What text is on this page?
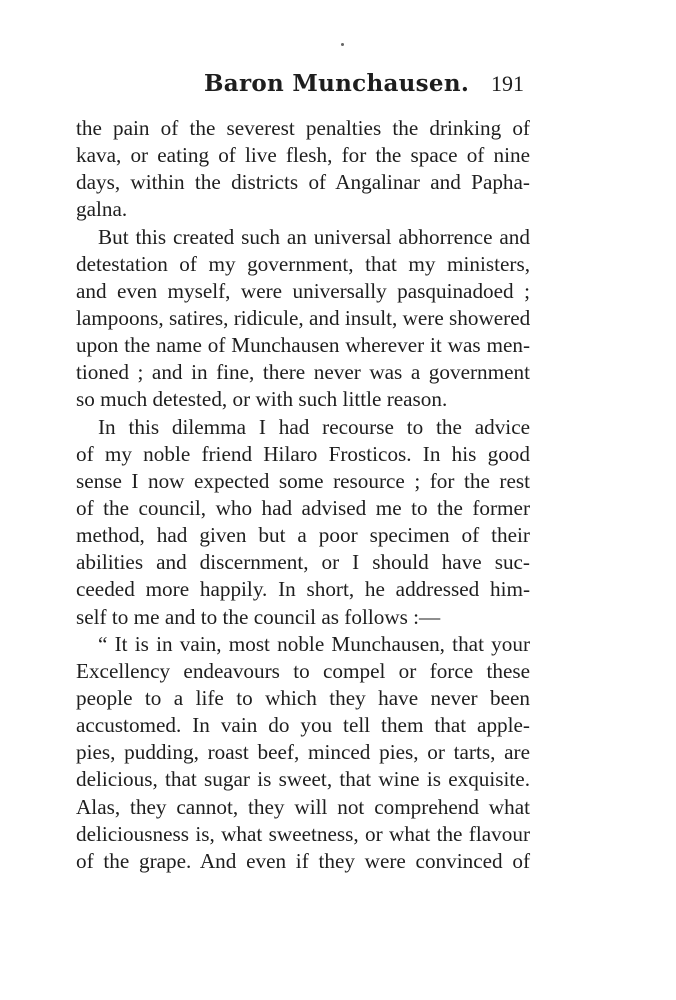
Baron Munchausen. 191
the pain of the severest penalties the drinking of
kava, or eating of live flesh, for the space of nine
days, within the districts of Angalinar and Papha-
galna.
But this created such an universal abhorrence and
detestation of my government, that my ministers,
and even myself, were universally pasquinadoed ;
lampoons, satires, ridicule, and insult, were showered
upon the name of Munchausen wherever it was men-
tioned ; and in fine, there never was a government
so much detested, or with such little reason.
In this dilemma I had recourse to the advice
of my noble friend Hilaro Frosticos. In his good
sense I now expected some resource ; for the rest
of the council, who had advised me to the former
method, had given but a poor specimen of their
abilities and discernment, or I should have suc-
ceeded more happily. In short, he addressed him-
self to me and to the council as follows :—
“ It is in vain, most noble Munchausen, that your
Excellency endeavours to compel or force these
people to a life to which they have never been
accustomed. In vain do you tell them that apple-
pies, pudding, roast beef, minced pies, or tarts, are
delicious, that sugar is sweet, that wine is exquisite.
Alas, they cannot, they will not comprehend what
deliciousness is, what sweetness, or what the flavour
of the grape. And even if they were convinced of
